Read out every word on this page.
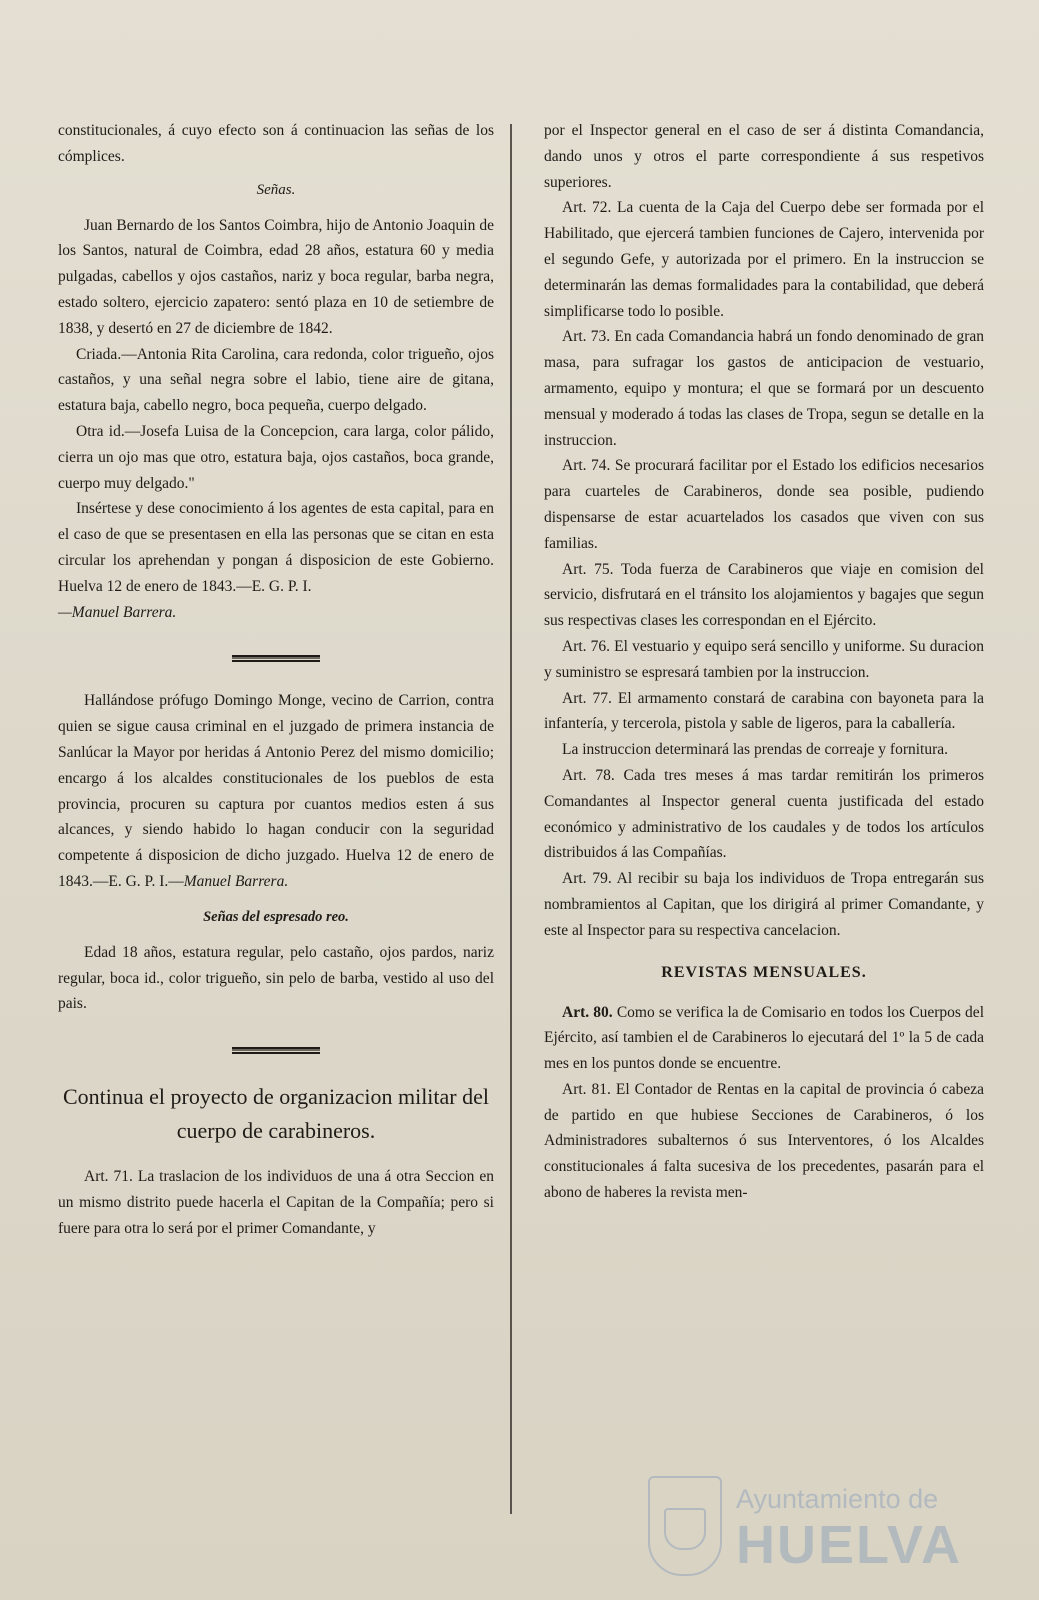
constitucionales, á cuyo efecto son á continuacion las señas de los cómplices.

Señas.

Juan Bernardo de los Santos Coimbra, hijo de Antonio Joaquin de los Santos, natural de Coimbra, edad 28 años, estatura 60 y media pulgadas, cabellos y ojos castaños, nariz y boca regular, barba negra, estado soltero, ejercicio zapatero: sentó plaza en 10 de setiembre de 1838, y desertó en 27 de diciembre de 1842.

Criada.—Antonia Rita Carolina, cara redonda, color trigueño, ojos castaños, y una señal negra sobre el labio, tiene aire de gitana, estatura baja, cabello negro, boca pequeña, cuerpo delgado.

Otra id.—Josefa Luisa de la Concepcion, cara larga, color pálido, cierra un ojo mas que otro, estatura baja, ojos castaños, boca grande, cuerpo muy delgado."

Insértese y dese conocimiento á los agentes de esta capital, para en el caso de que se presentasen en ella las personas que se citan en esta circular los aprehendan y pongan á disposicion de este Gobierno. Huelva 12 de enero de 1843.—E. G. P. I.
—Manuel Barrera.

Hallándose prófugo Domingo Monge, vecino de Carrion, contra quien se sigue causa criminal en el juzgado de primera instancia de Sanlúcar la Mayor por heridas á Antonio Perez del mismo domicilio; encargo á los alcaldes constitucionales de los pueblos de esta provincia, procuren su captura por cuantos medios esten á sus alcances, y siendo habido lo hagan conducir con la seguridad competente á disposicion de dicho juzgado. Huelva 12 de enero de 1843.—E. G. P. I.—Manuel Barrera.

Señas del espresado reo.

Edad 18 años, estatura regular, pelo castaño, ojos pardos, nariz regular, boca id., color trigueño, sin pelo de barba, vestido al uso del pais.

Continua el proyecto de organizacion militar del cuerpo de carabineros.

Art. 71. La traslacion de los individuos de una á otra Seccion en un mismo distrito puede hacerla el Capitan de la Compañía; pero si fuere para otra lo será por el primer Comandante, y

por el Inspector general en el caso de ser á distinta Comandancia, dando unos y otros el parte correspondiente á sus respetivos superiores.

Art. 72. La cuenta de la Caja del Cuerpo debe ser formada por el Habilitado, que ejercerá tambien funciones de Cajero, intervenida por el segundo Gefe, y autorizada por el primero. En la instruccion se determinarán las demas formalidades para la contabilidad, que deberá simplificarse todo lo posible.

Art. 73. En cada Comandancia habrá un fondo denominado de gran masa, para sufragar los gastos de anticipacion de vestuario, armamento, equipo y montura; el que se formará por un descuento mensual y moderado á todas las clases de Tropa, segun se detalle en la instruccion.

Art. 74. Se procurará facilitar por el Estado los edificios necesarios para cuarteles de Carabineros, donde sea posible, pudiendo dispensarse de estar acuartelados los casados que viven con sus familias.

Art. 75. Toda fuerza de Carabineros que viaje en comision del servicio, disfrutará en el tránsito los alojamientos y bagajes que segun sus respectivas clases les correspondan en el Ejército.

Art. 76. El vestuario y equipo será sencillo y uniforme. Su duracion y suministro se espresará tambien por la instruccion.

Art. 77. El armamento constará de carabina con bayoneta para la infantería, y tercerola, pistola y sable de ligeros, para la caballería.

La instruccion determinará las prendas de correaje y fornitura.

Art. 78. Cada tres meses á mas tardar remitirán los primeros Comandantes al Inspector general cuenta justificada del estado económico y administrativo de los caudales y de todos los artículos distribuidos á las Compañías.

Art. 79. Al recibir su baja los individuos de Tropa entregarán sus nombramientos al Capitan, que los dirigirá al primer Comandante, y este al Inspector para su respectiva cancelacion.

REVISTAS MENSUALES.

Art. 80. Como se verifica la de Comisario en todos los Cuerpos del Ejército, así tambien el de Carabineros lo ejecutará del 1º la 5 de cada mes en los puntos donde se encuentre.

Art. 81. El Contador de Rentas en la capital de provincia ó cabeza de partido en que hubiese Secciones de Carabineros, ó los Administradores subalternos ó sus Interventores, ó los Alcaldes constitucionales á falta sucesiva de los precedentes, pasarán para el abono de haberes la revista men-

Ayuntamiento de
HUELVA
